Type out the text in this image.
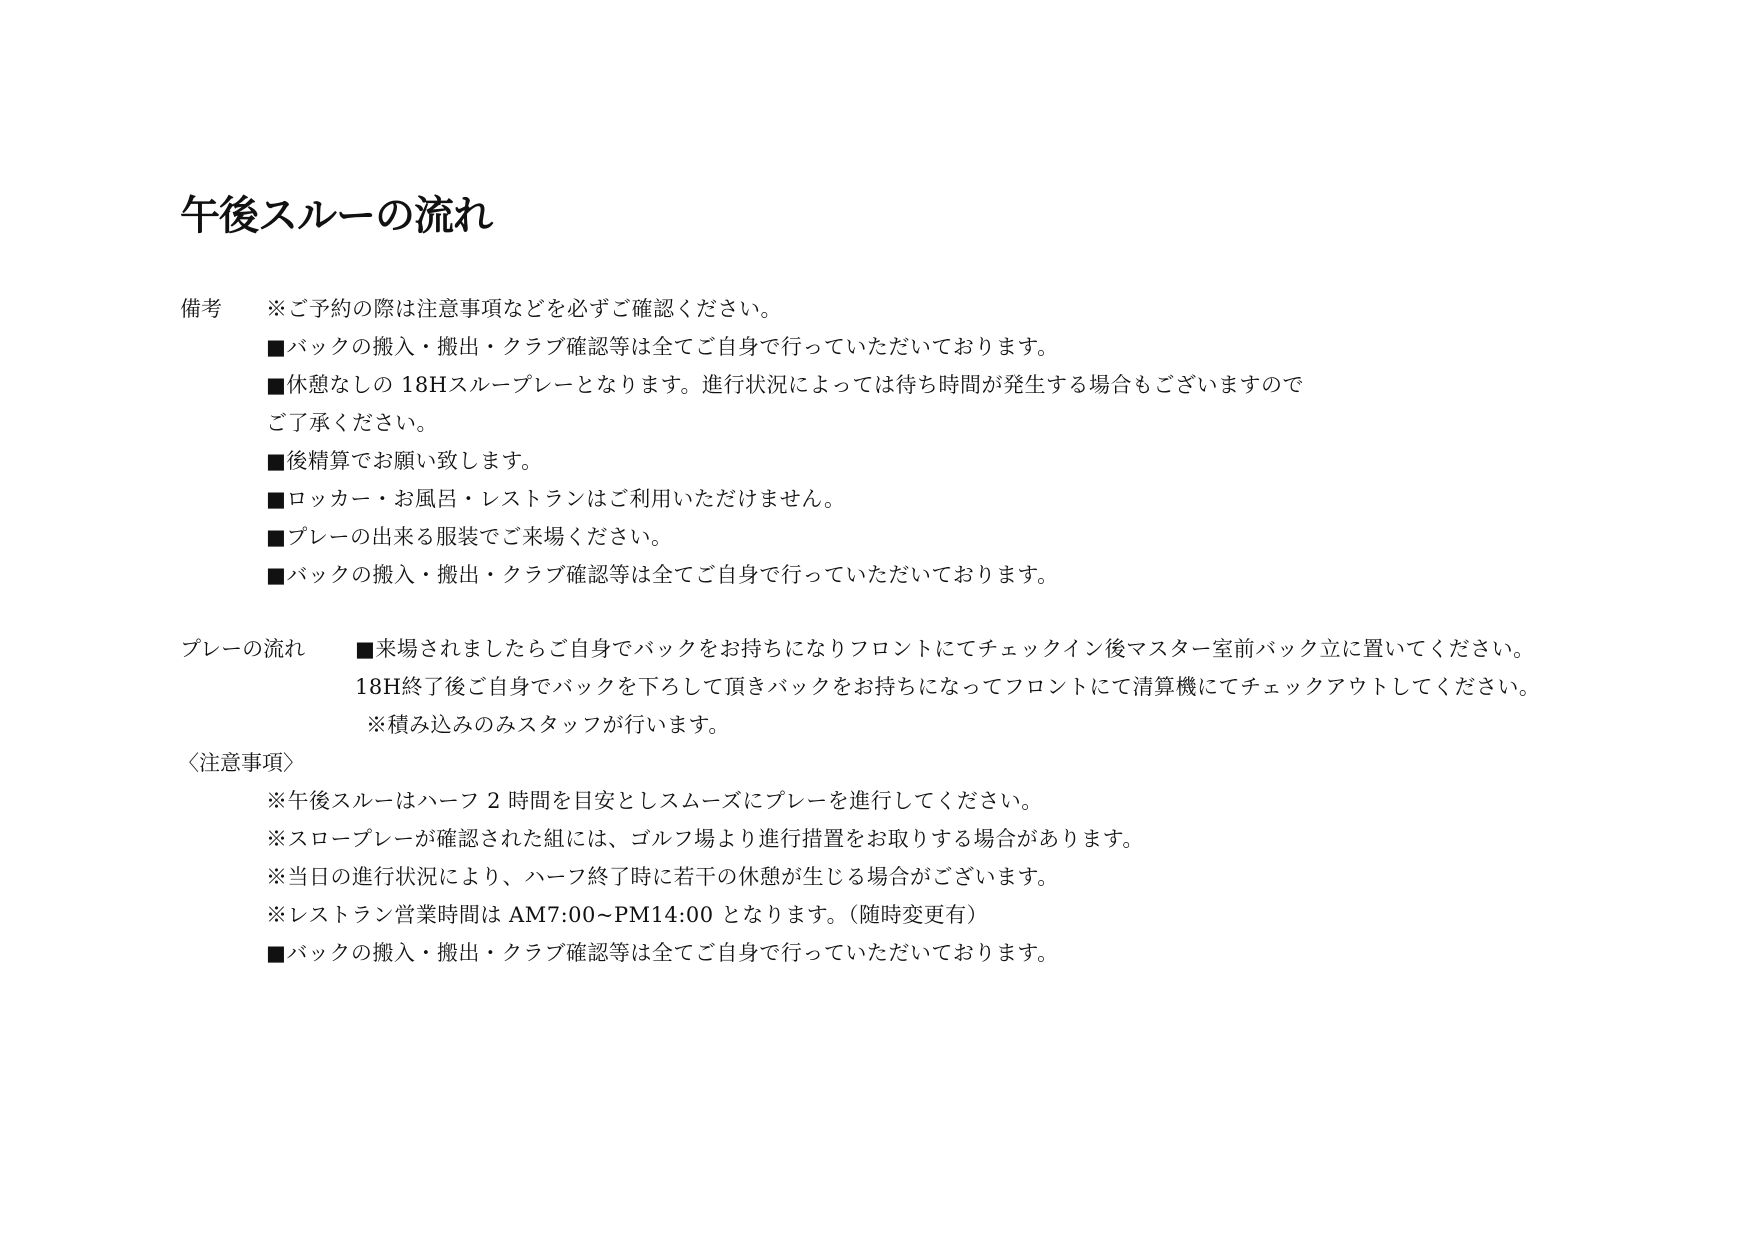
午後スルーの流れ
備考 ※ご予約の際は注意事項などを必ずご確認ください。
■バックの搬入・搬出・クラブ確認等は全てご自身で行っていただいております。
■休憩なしの 18Hスループレーとなります。進行状況によっては待ち時間が発生する場合もございますので
ご了承ください。
■後精算でお願い致します。
■ロッカー・お風呂・レストランはご利用いただけません。
■プレーの出来る服装でご来場ください。
■バックの搬入・搬出・クラブ確認等は全てご自身で行っていただいております。
プレーの流れ ■来場されましたらご自身でバックをお持ちになりフロントにてチェックイン後マスター室前バック立に置いてください。
18H終了後ご自身でバックを下ろして頂きバックをお持ちになってフロントにて清算機にてチェックアウトしてください。
※積み込みのみスタッフが行います。
〈注意事項〉
※午後スルーはハーフ 2 時間を目安としスムーズにプレーを進行してください。
※スロープレーが確認された組には、ゴルフ場より進行措置をお取りする場合があります。
※当日の進行状況により、ハーフ終了時に若干の休憩が生じる場合がございます。
※レストラン営業時間は AM7:00~PM14:00 となります。（随時変更有）
■バックの搬入・搬出・クラブ確認等は全てご自身で行っていただいております。
